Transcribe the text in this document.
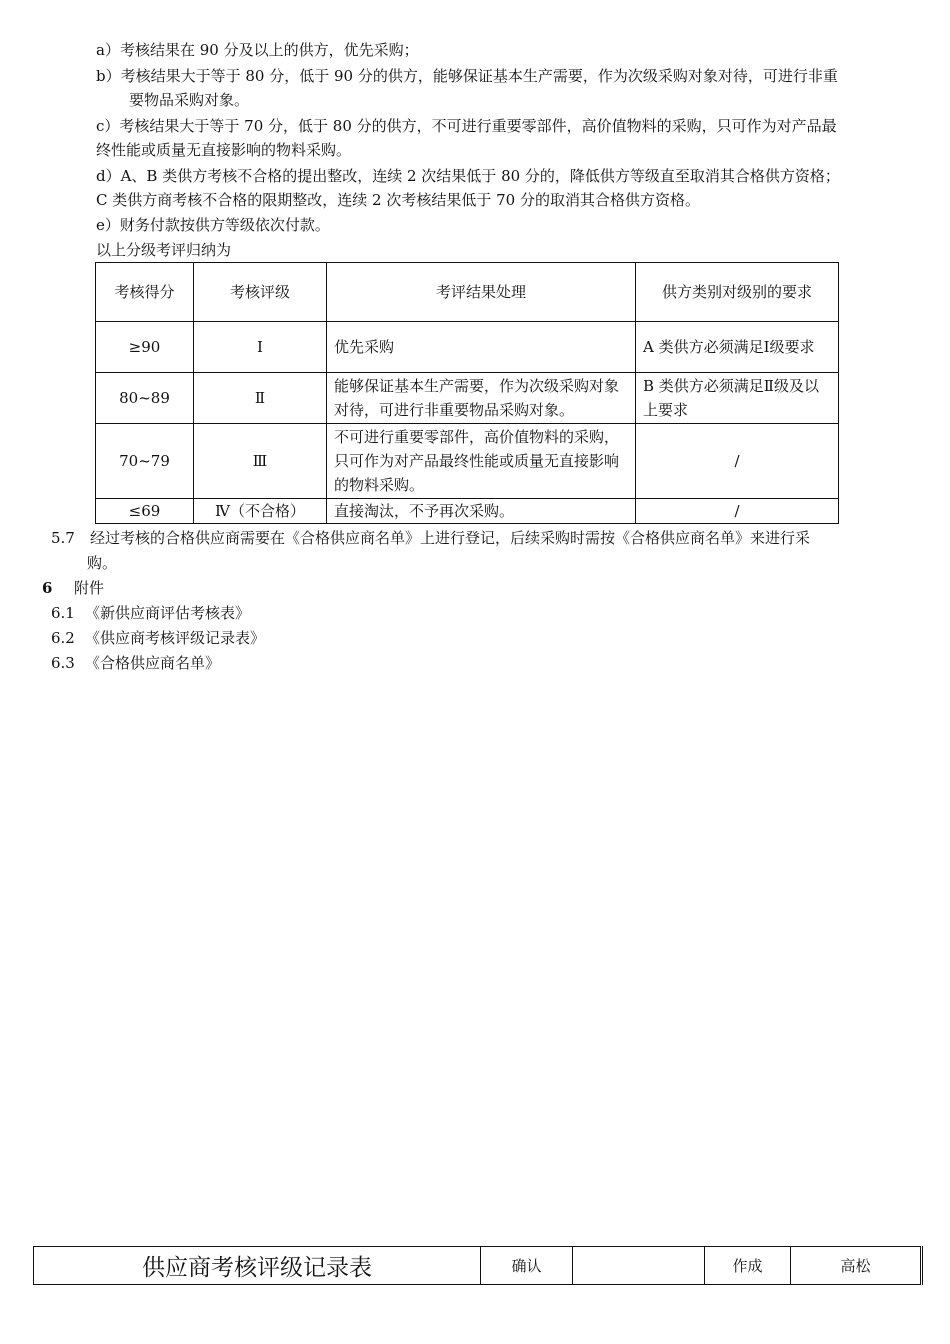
a）考核结果在 90 分及以上的供方，优先采购；
b）考核结果大于等于 80 分，低于 90 分的供方，能够保证基本生产需要，作为次级采购对象对待，可进行非重
要物品采购对象。
c）考核结果大于等于 70 分，低于 80 分的供方，不可进行重要零部件，高价值物料的采购，只可作为对产品最
终性能或质量无直接影响的物料采购。
d）A、B 类供方考核不合格的提出整改，连续 2 次结果低于 80 分的，降低供方等级直至取消其合格供方资格；
C 类供方商考核不合格的限期整改，连续 2 次考核结果低于 70 分的取消其合格供方资格。
e）财务付款按供方等级依次付款。
以上分级考评归纳为
考核得分	考核评级	考评结果处理	供方类别对级别的要求
≥90	Ⅰ	优先采购	A 类供方必须满足Ⅰ级要求
80~89	Ⅱ	能够保证基本生产需要，作为次级采购对象对待，可进行非重要物品采购对象。	B 类供方必须满足Ⅱ级及以上要求
70~79	Ⅲ	不可进行重要零部件，高价值物料的采购，只可作为对产品最终性能或质量无直接影响的物料采购。	/
≤69	Ⅳ（不合格）	直接淘汰，不予再次采购。	/
5.7 经过考核的合格供应商需要在《合格供应商名单》上进行登记，后续采购时需按《合格供应商名单》来进行采
购。
6 附件
6.1 《新供应商评估考核表》
6.2 《供应商考核评级记录表》
6.3 《合格供应商名单》
供应商考核评级记录表	确认		作成	高松
